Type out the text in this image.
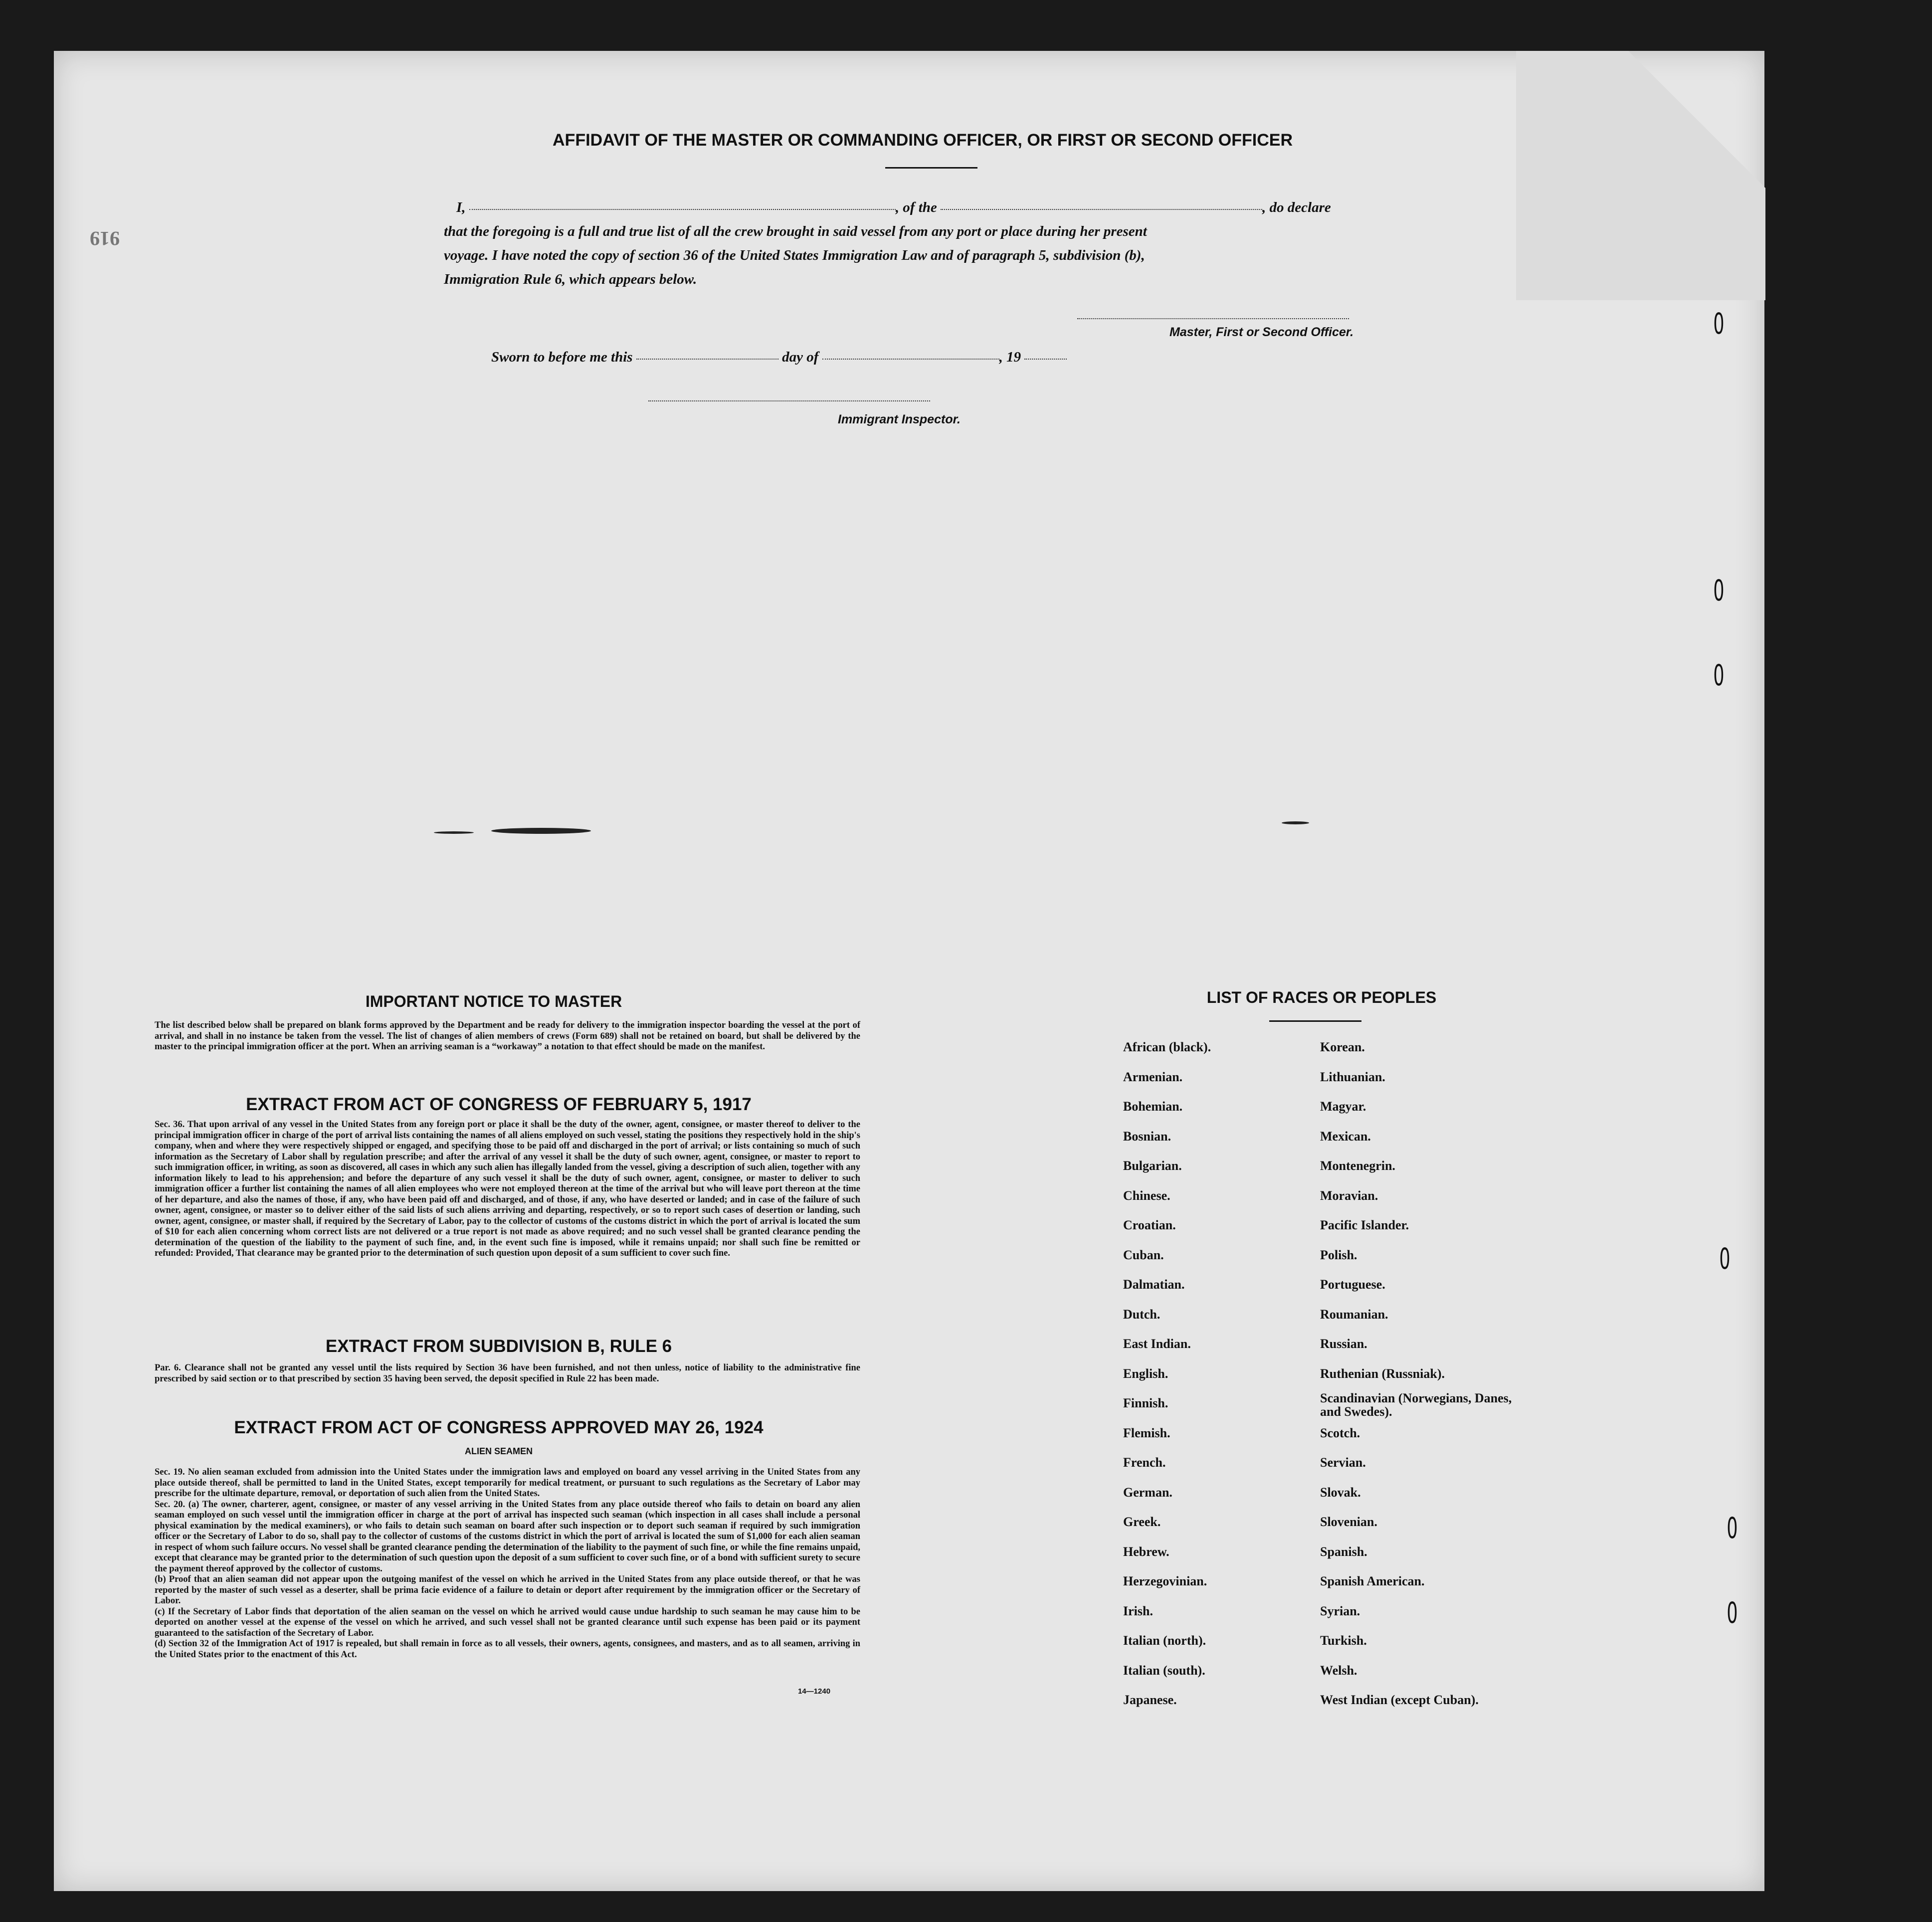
919
AFFIDAVIT OF THE MASTER OR COMMANDING OFFICER, OR FIRST OR SECOND OFFICER
I,	, of the	, do declare
that the foregoing is a full and true list of all the crew brought in said vessel from any port or place during her present
voyage. I have noted the copy of section 36 of the United States Immigration Law and of paragraph 5, subdivision (b),
Immigration Rule 6, which appears below.
Master, First or Second Officer.
Sworn to before me this	day of	, 19
Immigrant Inspector.
IMPORTANT NOTICE TO MASTER
The list described below shall be prepared on blank forms approved by the Department and be ready for delivery to the immigration inspector boarding the vessel at the port of arrival, and shall in no instance be taken from the vessel. The list of changes of alien members of crews (Form 689) shall not be retained on board, but shall be delivered by the master to the principal immigration officer at the port. When an arriving seaman is a “workaway” a notation to that effect should be made on the manifest.
EXTRACT FROM ACT OF CONGRESS OF FEBRUARY 5, 1917
Sec. 36. That upon arrival of any vessel in the United States from any foreign port or place it shall be the duty of the owner, agent, consignee, or master thereof to deliver to the principal immigration officer in charge of the port of arrival lists containing the names of all aliens employed on such vessel, stating the positions they respectively hold in the ship's company, when and where they were respectively shipped or engaged, and specifying those to be paid off and discharged in the port of arrival; or lists containing so much of such information as the Secretary of Labor shall by regulation prescribe; and after the arrival of any vessel it shall be the duty of such owner, agent, consignee, or master to report to such immigration officer, in writing, as soon as discovered, all cases in which any such alien has illegally landed from the vessel, giving a description of such alien, together with any information likely to lead to his apprehension; and before the departure of any such vessel it shall be the duty of such owner, agent, consignee, or master to deliver to such immigration officer a further list containing the names of all alien employees who were not employed thereon at the time of the arrival but who will leave port thereon at the time of her departure, and also the names of those, if any, who have been paid off and discharged, and of those, if any, who have deserted or landed; and in case of the failure of such owner, agent, consignee, or master so to deliver either of the said lists of such aliens arriving and departing, respectively, or so to report such cases of desertion or landing, such owner, agent, consignee, or master shall, if required by the Secretary of Labor, pay to the collector of customs of the customs district in which the port of arrival is located the sum of $10 for each alien concerning whom correct lists are not delivered or a true report is not made as above required; and no such vessel shall be granted clearance pending the determination of the question of the liability to the payment of such fine, and, in the event such fine is imposed, while it remains unpaid; nor shall such fine be remitted or refunded: Provided, That clearance may be granted prior to the determination of such question upon deposit of a sum sufficient to cover such fine.
EXTRACT FROM SUBDIVISION B, RULE 6
Par. 6. Clearance shall not be granted any vessel until the lists required by Section 36 have been furnished, and not then unless, notice of liability to the administrative fine prescribed by said section or to that prescribed by section 35 having been served, the deposit specified in Rule 22 has been made.
EXTRACT FROM ACT OF CONGRESS APPROVED MAY 26, 1924
ALIEN SEAMEN
Sec. 19. No alien seaman excluded from admission into the United States under the immigration laws and employed on board any vessel arriving in the United States from any place outside thereof, shall be permitted to land in the United States, except temporarily for medical treatment, or pursuant to such regulations as the Secretary of Labor may prescribe for the ultimate departure, removal, or deportation of such alien from the United States.
Sec. 20. (a) The owner, charterer, agent, consignee, or master of any vessel arriving in the United States from any place outside thereof who fails to detain on board any alien seaman employed on such vessel until the immigration officer in charge at the port of arrival has inspected such seaman (which inspection in all cases shall include a personal physical examination by the medical examiners), or who fails to detain such seaman on board after such inspection or to deport such seaman if required by such immigration officer or the Secretary of Labor to do so, shall pay to the collector of customs of the customs district in which the port of arrival is located the sum of $1,000 for each alien seaman in respect of whom such failure occurs. No vessel shall be granted clearance pending the determination of the liability to the payment of such fine, or while the fine remains unpaid, except that clearance may be granted prior to the determination of such question upon the deposit of a sum sufficient to cover such fine, or of a bond with sufficient surety to secure the payment thereof approved by the collector of customs.
(b) Proof that an alien seaman did not appear upon the outgoing manifest of the vessel on which he arrived in the United States from any place outside thereof, or that he was reported by the master of such vessel as a deserter, shall be prima facie evidence of a failure to detain or deport after requirement by the immigration officer or the Secretary of Labor.
(c) If the Secretary of Labor finds that deportation of the alien seaman on the vessel on which he arrived would cause undue hardship to such seaman he may cause him to be deported on another vessel at the expense of the vessel on which he arrived, and such vessel shall not be granted clearance until such expense has been paid or its payment guaranteed to the satisfaction of the Secretary of Labor.
(d) Section 32 of the Immigration Act of 1917 is repealed, but shall remain in force as to all vessels, their owners, agents, consignees, and masters, and as to all seamen, arriving in the United States prior to the enactment of this Act.
14—1240
LIST OF RACES OR PEOPLES
African (black).	Korean.
Armenian.	Lithuanian.
Bohemian.	Magyar.
Bosnian.	Mexican.
Bulgarian.	Montenegrin.
Chinese.	Moravian.
Croatian.	Pacific Islander.
Cuban.	Polish.
Dalmatian.	Portuguese.
Dutch.	Roumanian.
East Indian.	Russian.
English.	Ruthenian (Russniak).
Finnish.	Scandinavian (Norwegians, Danes, and Swedes).
Flemish.	Scotch.
French.	Servian.
German.	Slovak.
Greek.	Slovenian.
Hebrew.	Spanish.
Herzegovinian.	Spanish American.
Irish.	Syrian.
Italian (north).	Turkish.
Italian (south).	Welsh.
Japanese.	West Indian (except Cuban).
0
0
0
0
0
0
